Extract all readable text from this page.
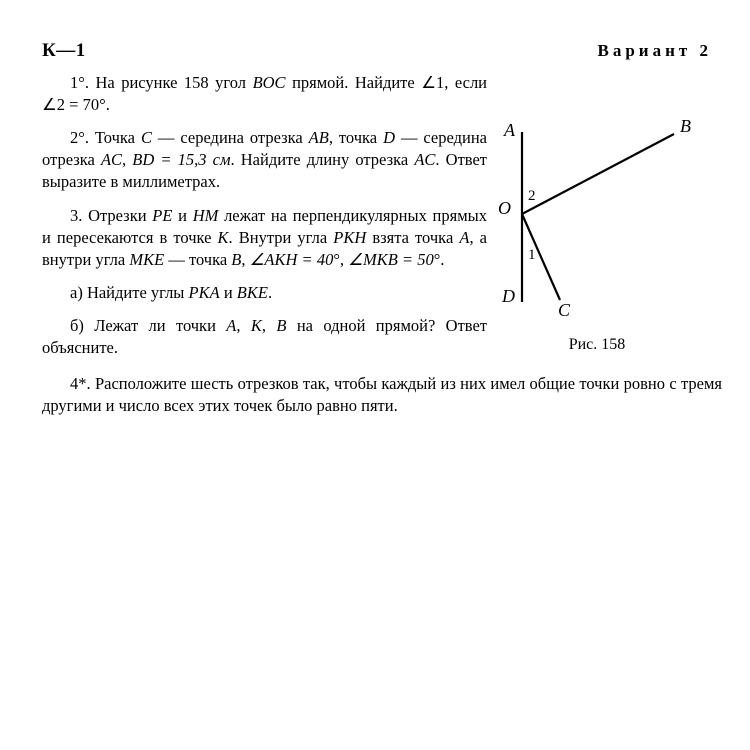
К—1	Вариант 2
A	B
O
2
1
D
C
Рис. 158

1°. На рисунке 158 угол BOC прямой. Найдите ∠1, если ∠2 = 70°.

2°. Точка C — середина отрезка AB, точка D — середина отрезка AC, BD = 15,3 см. Найдите длину отрезка AC. Ответ выразите в миллиметрах.

3. Отрезки PE и HM лежат на перпендикулярных прямых и пересекаются в точке K. Внутри угла PKH взята точка A, а внутри угла MKE — точка B, ∠AKH = 40°, ∠MKB = 50°.

а) Найдите углы PKA и BKE.

б) Лежат ли точки A, K, B на одной прямой? Ответ объясните.

4*. Расположите шесть отрезков так, чтобы каждый из них имел общие точки ровно с тремя другими и число всех этих точек было равно пяти.
